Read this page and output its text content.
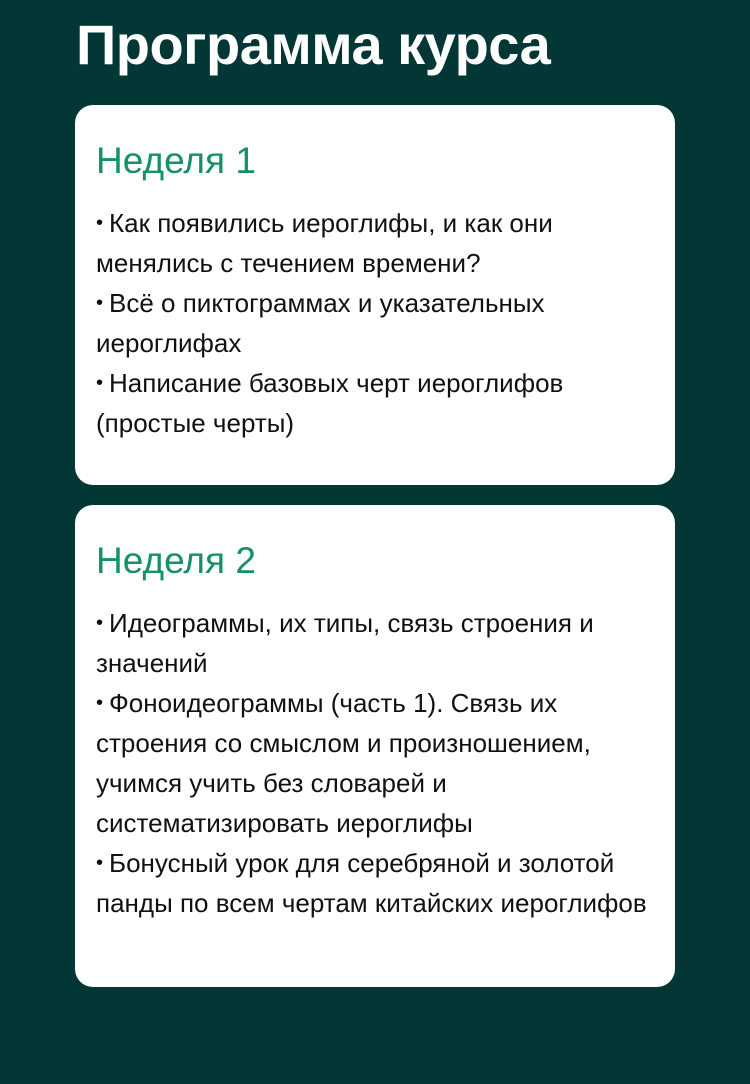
Программа курса
Неделя 1
• Как появились иероглифы, и как они менялись с течением времени?
• Всё о пиктограммах и указательных иероглифах
• Написание базовых черт иероглифов (простые черты)
Неделя 2
• Идеограммы, их типы, связь строения и значений
• Фоноидеограммы (часть 1). Связь их строения со смыслом и произношением, учимся учить без словарей и систематизировать иероглифы
• Бонусный урок для серебряной и золотой панды по всем чертам китайских иероглифов
